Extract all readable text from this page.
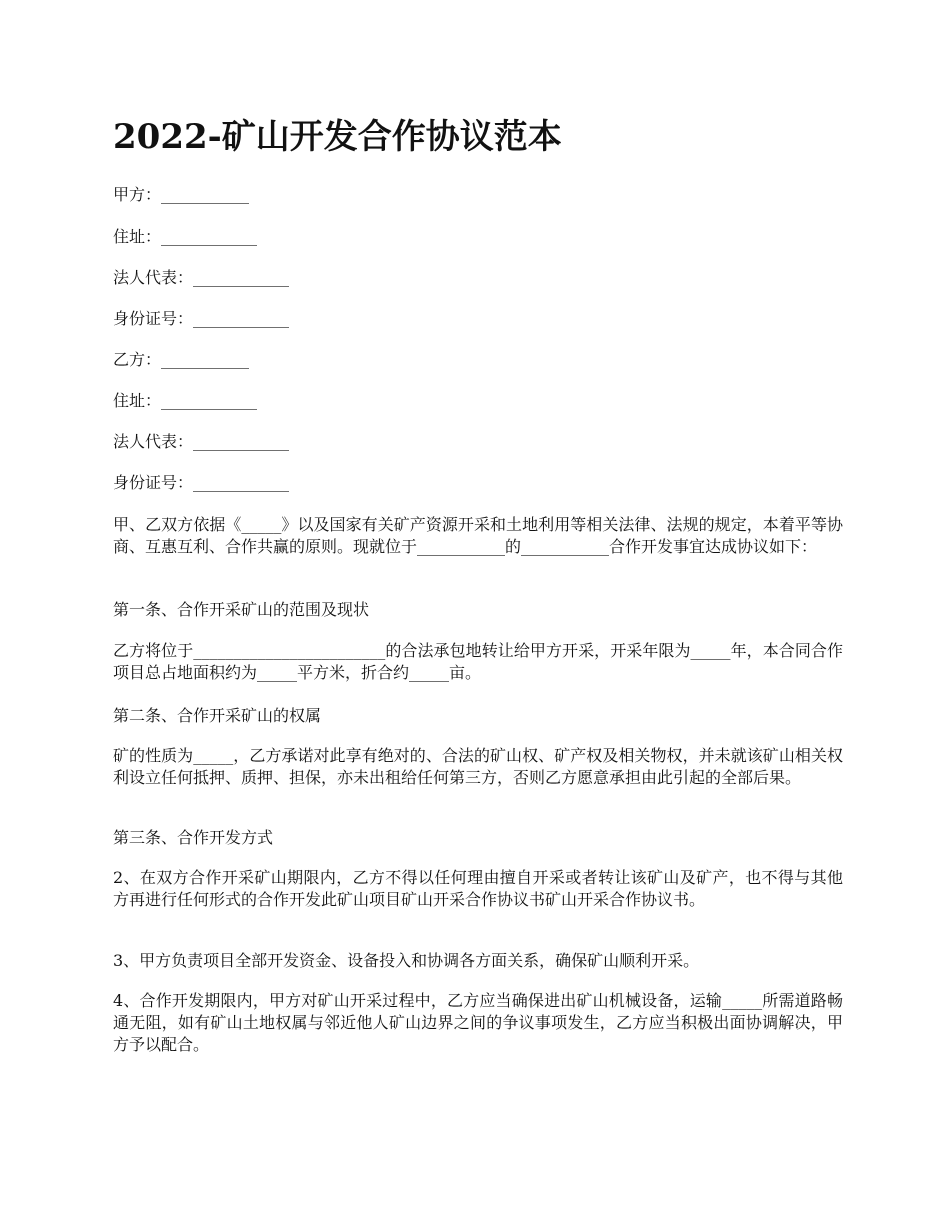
2022-矿山开发合作协议范本
甲方：___________
住址：____________
法人代表：____________
身份证号：____________
乙方：___________
住址：____________
法人代表：____________
身份证号：____________

甲、乙双方依据《_____》以及国家有关矿产资源开采和土地利用等相关法律、法规的规定，本着平等协商、互惠互利、合作共赢的原则。现就位于___________的___________合作开发事宜达成协议如下：

第一条、合作开采矿山的范围及现状

乙方将位于________________________的合法承包地转让给甲方开采，开采年限为_____年，本合同合作项目总占地面积约为_____平方米，折合约_____亩。

第二条、合作开采矿山的权属

矿的性质为_____，乙方承诺对此享有绝对的、合法的矿山权、矿产权及相关物权，并未就该矿山相关权利设立任何抵押、质押、担保，亦未出租给任何第三方，否则乙方愿意承担由此引起的全部后果。

第三条、合作开发方式

2、在双方合作开采矿山期限内，乙方不得以任何理由擅自开采或者转让该矿山及矿产，也不得与其他方再进行任何形式的合作开发此矿山项目矿山开采合作协议书矿山开采合作协议书。

3、甲方负责项目全部开发资金、设备投入和协调各方面关系，确保矿山顺利开采。

4、合作开发期限内，甲方对矿山开采过程中，乙方应当确保进出矿山机械设备，运输_____所需道路畅通无阻，如有矿山土地权属与邻近他人矿山边界之间的争议事项发生，乙方应当积极出面协调解决，甲方予以配合。
